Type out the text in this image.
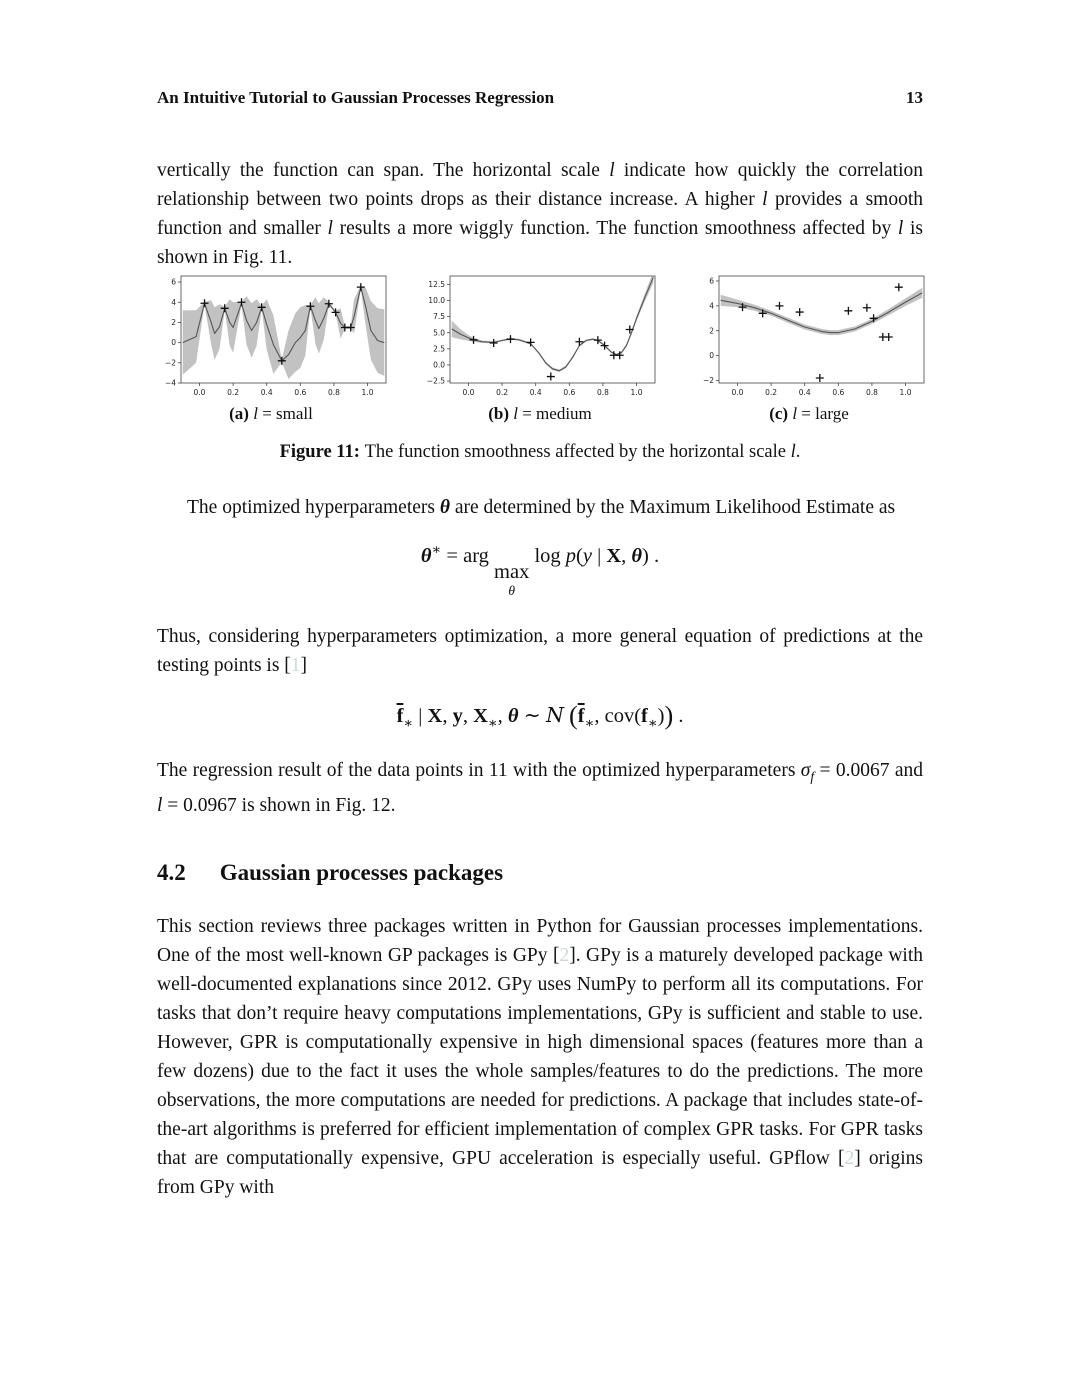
An Intuitive Tutorial to Gaussian Processes Regression	13

vertically the function can span. The horizontal scale l indicate how quickly the correlation relationship between two points drops as their distance increase. A higher l provides a smooth function and smaller l results a more wiggly function. The function smoothness affected by l is shown in Fig. 11.

6
4
2
0
−2
−4
0.0	0.2	0.4	0.6	0.8	1.0
(a) l = small
12.5
10.0
7.5
5.0
2.5
0.0
−2.5
0.0	0.2	0.4	0.6	0.8	1.0
(b) l = medium
6
4
2
0
−2
0.0	0.2	0.4	0.6	0.8	1.0
(c) l = large

Figure 11: The function smoothness affected by the horizontal scale l.

The optimized hyperparameters θ are determined by the Maximum Likelihood Estimate as

θ∗ = arg
max
θ
log p(y | X, θ) .

Thus, considering hyperparameters optimization, a more general equation of predictions at the testing points is [1]

$\overline{f}_∗$ | X, y, $X_∗$, θ ∼ N ($\overline{f}_∗$, $cov(f_∗)$) .

The regression result of the data points in 11 with the optimized hyperparameters $\sigma_f = 0.0067$ and l = 0.0967 is shown in Fig. 12.

4.2 Gaussian processes packages

This section reviews three packages written in Python for Gaussian processes implementations. One of the most well-known GP packages is GPy [2]. GPy is a maturely developed package with well-documented explanations since 2012. GPy uses NumPy to perform all its computations. For tasks that don’t require heavy computations implementations, GPy is sufficient and stable to use. However, GPR is computationally expensive in high dimensional spaces (features more than a few dozens) due to the fact it uses the whole samples/features to do the predictions. The more observations, the more computations are needed for predictions. A package that includes state-of-the-art algorithms is preferred for efficient implementation of complex GPR tasks. For GPR tasks that are computationally expensive, GPU acceleration is especially useful. GPflow [2] origins from GPy with
